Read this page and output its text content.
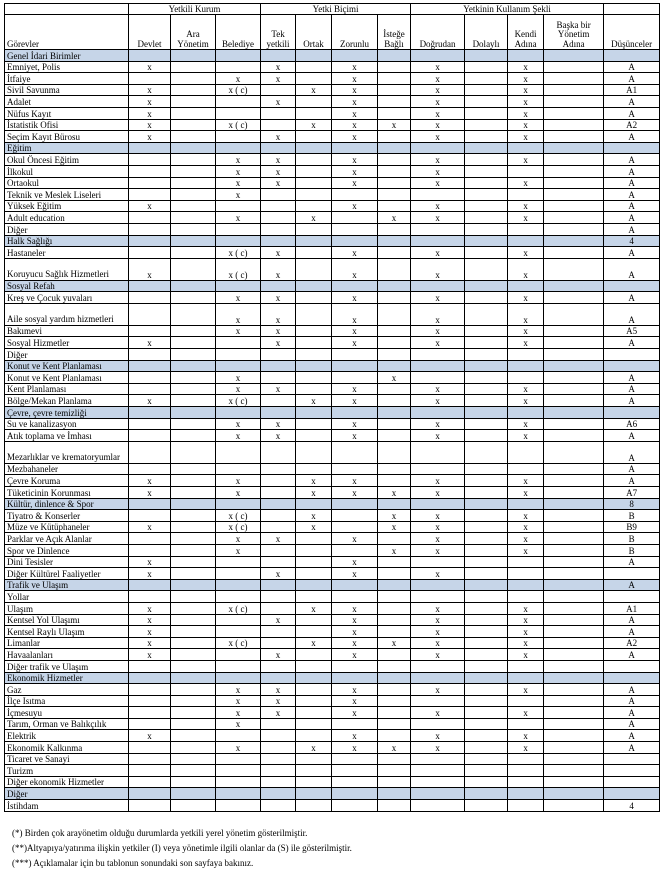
	Yetkili Kurum			Yetki Biçimi				Yetkinin Kullanım Şekli				
Görevler	Devlet	Ara Yönetim	Belediye	Tek yetkili	Ortak	Zorunlu	İsteğe Bağlı	Doğrudan	Dolaylı	Kendi Adına	Başka bir Yönetim Adına	Düşünceler
Genel İdari Birimler												
Emniyet, Polis	x			x		x		x		x		A
İtfaiye			x	x		x		x		x		A
Sivil Savunma	x		x ( c)		x	x		x		x		A1
Adalet	x			x		x		x		x		A
Nüfus Kayıt	x					x		x		x		A
İstatistik Ofisi	x		x ( c)		x	x	x	x		x		A2
Seçim Kayıt Bürosu	x			x		x		x		x		A
Eğitim												
Okul Öncesi Eğitim			x	x		x		x		x		A
İlkokul			x	x		x		x				A
Ortaokul			x	x		x		x		x		A
Teknik ve Meslek Liseleri			x									A
Yüksek Eğitim	x					x		x		x		A
Adult education			x		x		x	x		x		A
Diğer												A
Halk Sağlığı												4
Hastaneler			x ( c)	x		x		x		x		A
Koruyucu Sağlık Hizmetleri	x		x ( c)	x		x		x		x		A
Sosyal Refah												
Kreş ve Çocuk yuvaları			x	x		x		x		x		A
Aile sosyal yardım hizmetleri			x	x		x		x		x		A
Bakımevi			x	x		x		x		x		A5
Sosyal Hizmetler	x			x		x		x		x		A
Diğer												
Konut ve Kent Planlaması												
Konut ve Kent Planlaması			x				x					A
Kent Planlaması			x	x		x		x		x		A
Bölge/Mekan Planlama	x		x ( c)		x	x		x		x		A
Çevre, çevre temizliği												
Su ve kanalizasyon			x	x		x		x		x		A6
Atık toplama ve İmhası			x	x		x		x		x		A
Mezarlıklar ve krematoryumlar												A
Mezbahaneler												A
Çevre Koruma	x		x		x	x		x		x		A
Tüketicinin Korunması	x		x		x	x	x	x		x		A7
Kültür, dinlence & Spor												8
Tiyatro & Konserler			x ( c)		x		x	x		x		B
Müze ve Kütüphaneler	x		x ( c)		x		x	x		x		B9
Parklar ve Açık Alanlar			x	x		x		x		x		B
Spor ve Dinlence			x				x	x		x		B
Dini Tesisler	x					x						A
Diğer Kültürel Faaliyetler	x			x		x		x				
Trafik ve Ulaşım												A
Yollar												
Ulaşım	x		x ( c)		x	x		x		x		A1
Kentsel Yol Ulaşımı	x			x		x		x		x		A
Kentsel Raylı Ulaşım	x					x		x		x		A
Limanlar	x		x ( c)		x	x	x	x		x		A2
Havaalanları	x			x		x		x		x		A
Diğer trafik ve Ulaşım												
Ekonomik Hizmetler												
Gaz			x	x		x		x		x		A
İlçe Isıtma			x	x		x						A
İçmesuyu			x	x		x		x		x		A
Tarım, Orman ve Balıkçılık			x									A
Elektrik	x					x		x		x		A
Ekonomik Kalkınma			x		x	x	x	x		x		A
Ticaret ve Sanayi												
Turizm												
Diğer ekonomik Hizmetler												
Diğer												
İstihdam												4
(*) Birden çok arayönetim olduğu durumlarda yetkili yerel yönetim gösterilmiştir.
(**)Altyapıya/yatırıma ilişkin yetkiler (I) veya yönetimle ilgili olanlar da (S) ile gösterilmiştir.
(***) Açıklamalar için bu tablonun sonundaki son sayfaya bakınız.
